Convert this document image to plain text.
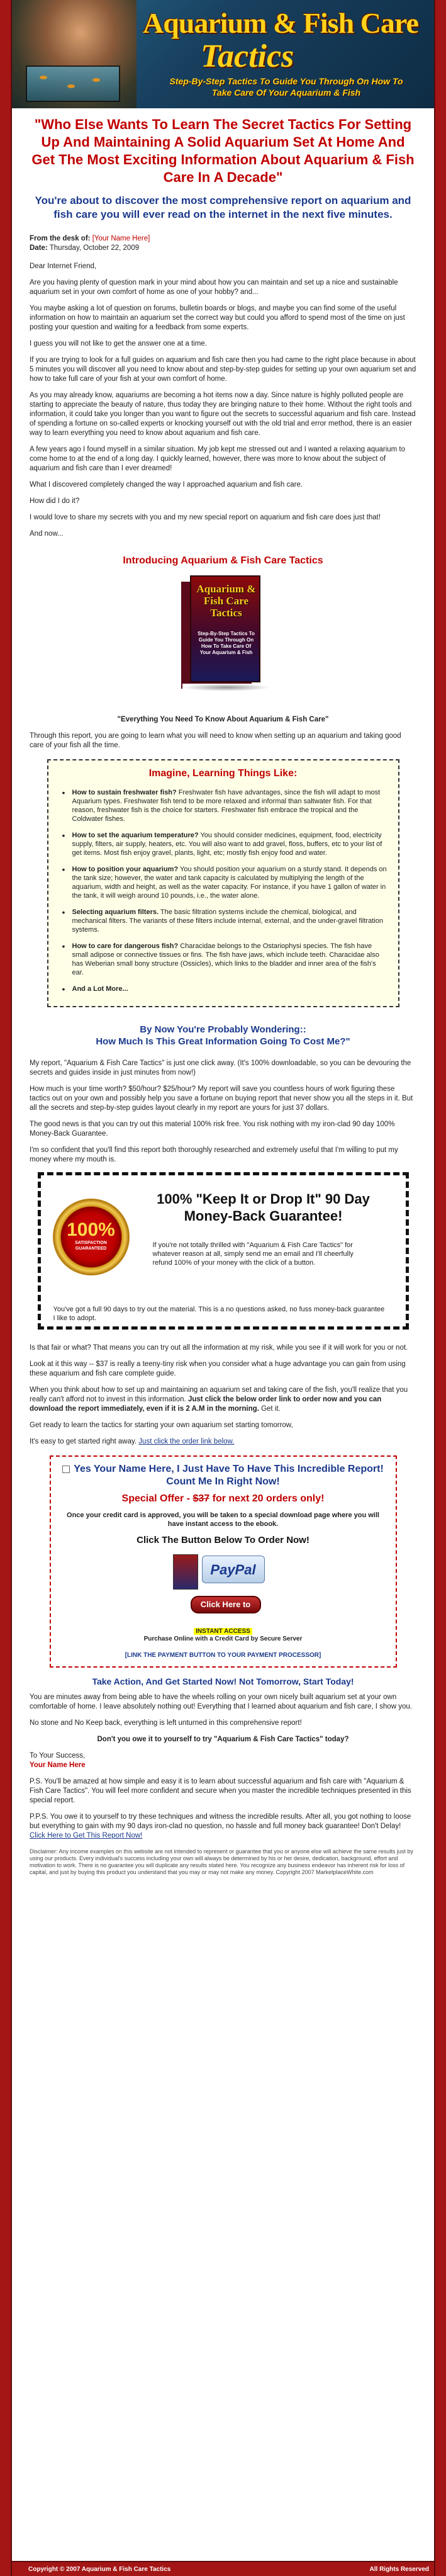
Aquarium & Fish Care
Tactics
Step-By-Step Tactics To Guide You Through On How To
Take Care Of Your Aquarium & Fish
"Who Else Wants To Learn The Secret Tactics For Setting Up And Maintaining A Solid Aquarium Set At Home And Get The Most Exciting Information About Aquarium & Fish Care In A Decade"
You're about to discover the most comprehensive report on aquarium and fish care you will ever read on the internet in the next five minutes.

From the desk of: [Your Name Here]
Date: Thursday, October 22, 2009

Dear Internet Friend,

Are you having plenty of question mark in your mind about how you can maintain and set up a nice and sustainable aquarium set in your own comfort of home as one of your hobby? and...

You maybe asking a lot of question on forums, bulletin boards or blogs, and maybe you can find some of the useful information on how to maintain an aquarium set the correct way but could you afford to spend most of the time on just posting your question and waiting for a feedback from some experts.

I guess you will not like to get the answer one at a time.

If you are trying to look for a full guides on aquarium and fish care then you had came to the right place because in about 5 minutes you will discover all you need to know about and step-by-step guides for setting up your own aquarium set and how to take full care of your fish at your own comfort of home.

As you may already know, aquariums are becoming a hot items now a day. Since nature is highly polluted people are starting to appreciate the beauty of nature, thus today they are bringing nature to their home. Without the right tools and information, it could take you longer than you want to figure out the secrets to successful aquarium and fish care. Instead of spending a fortune on so-called experts or knocking yourself out with the old trial and error method, there is an easier way to learn everything you need to know about aquarium and fish care.

A few years ago I found myself in a similar situation. My job kept me stressed out and I wanted a relaxing aquarium to come home to at the end of a long day. I quickly learned, however, there was more to know about the subject of aquarium and fish care than I ever dreamed!

What I discovered completely changed the way I approached aquarium and fish care.

How did I do it?

I would love to share my secrets with you and my new special report on aquarium and fish care does just that!

And now...

Introducing Aquarium & Fish Care Tactics
Aquarium & Fish Care Tactics
Step-By-Step Tactics To Guide You Through On How To Take Care Of Your Aquarium & Fish

"Everything You Need To Know About Aquarium & Fish Care"

Through this report, you are going to learn what you will need to know when setting up an aquarium and taking good care of your fish all the time.

Imagine, Learning Things Like:
• How to sustain freshwater fish? Freshwater fish have advantages, since the fish will adapt to most Aquarium types. Freshwater fish tend to be more relaxed and informal than saltwater fish. For that reason, freshwater fish is the choice for starters. Freshwater fish embrace the tropical and the Coldwater fishes.
• How to set the aquarium temperature? You should consider medicines, equipment, food, electricity supply, filters, air supply, heaters, etc. You will also want to add gravel, floss, buffers, etc to your list of get items. Most fish enjoy gravel, plants, light, etc; mostly fish enjoy food and water.
• How to position your aquarium? You should position your aquarium on a sturdy stand. It depends on the tank size; however, the water and tank capacity is calculated by multiplying the length of the aquarium, width and height, as well as the water capacity. For instance, if you have 1 gallon of water in the tank, it will weigh around 10 pounds, i.e., the water alone.
• Selecting aquarium filters. The basic filtration systems include the chemical, biological, and mechanical filters. The variants of these filters include internal, external, and the under-gravel filtration systems.
• How to care for dangerous fish? Characidae belongs to the Ostariophysi species. The fish have small adipose or connective tissues or fins. The fish have jaws, which include teeth. Characidae also has Weberian small bony structure (Ossicles), which links to the bladder and inner area of the fish's ear.
• And a Lot More...
By Now You're Probably Wondering::
How Much Is This Great Information Going To Cost Me?"

My report, "Aquarium & Fish Care Tactics" is just one click away. (It's 100% downloadable, so you can be devouring the secrets and guides inside in just minutes from now!)

How much is your time worth? $50/hour? $25/hour? My report will save you countless hours of work figuring these tactics out on your own and possibly help you save a fortune on buying report that never show you all the steps in it. But all the secrets and step-by-step guides layout clearly in my report are yours for just 37 dollars.

The good news is that you can try out this material 100% risk free. You risk nothing with my iron-clad 90 day 100% Money-Back Guarantee.

I'm so confident that you'll find this report both thoroughly researched and extremely useful that I'm willing to put my money where my mouth is.

100%
SATISFACTION
GUARANTEED
100% "Keep It or Drop It" 90 Day Money-Back Guarantee!
If you're not totally thrilled with "Aquarium & Fish Care Tactics" for whatever reason at all, simply send me an email and I'll cheerfully refund 100% of your money with the click of a button.
You've got a full 90 days to try out the material. This is a no questions asked, no fuss money-back guarantee I like to adopt.

Is that fair or what? That means you can try out all the information at my risk, while you see if it will work for you or not.

Look at it this way -- $37 is really a teeny-tiny risk when you consider what a huge advantage you can gain from using these aquarium and fish care complete guide.

When you think about how to set up and maintaining an aquarium set and taking care of the fish, you'll realize that you really can't afford not to invest in this information. Just click the below order link to order now and you can download the report immediately, even if it is 2 A.M in the morning. Get it.

Get ready to learn the tactics for starting your own aquarium set starting tomorrow,

It's easy to get started right away. Just click the order link below.

Yes Your Name Here, I Just Have To Have This Incredible Report! Count Me In Right Now!
Special Offer - $37 for next 20 orders only!
Once your credit card is approved, you will be taken to a special download page where you will have instant access to the ebook.
Click The Button Below To Order Now!
PayPal
Click Here to Order!
INSTANT ACCESS
Purchase Online with a Credit Card by Secure Server
[LINK THE PAYMENT BUTTON TO YOUR PAYMENT PROCESSOR]
Take Action, And Get Started Now! Not Tomorrow, Start Today!

You are minutes away from being able to have the wheels rolling on your own nicely built aquarium set at your own comfortable of home. I leave absolutely nothing out! Everything that I learned about aquarium and fish care, I show you.

No stone and No Keep back, everything is left unturned in this comprehensive report!

Don't you owe it to yourself to try "Aquarium & Fish Care Tactics" today?

To Your Success,
Your Name Here

P.S. You'll be amazed at how simple and easy it is to learn about successful aquarium and fish care with "Aquarium & Fish Care Tactics". You will feel more confident and secure when you master the incredible techniques presented in this special report.

P.P.S. You owe it to yourself to try these techniques and witness the incredible results. After all, you got nothing to loose but everything to gain with my 90 days iron-clad no question, no hassle and full money back guarantee! Don't Delay! Click Here to Get This Report Now!

Disclaimer: Any income examples on this website are not intended to represent or guarantee that you or anyone else will achieve the same results just by using our products. Every individual's success including your own will always be determined by his or her desire, dedication, background, effort and motivation to work. There is no guarantee you will duplicate any results stated here. You recognize any business endeavor has inherent risk for loss of capital, and just by buying this product you understand that you may or may not make any money. Copyright 2007 MarketplaceWhite.com
Copyright © 2007 Aquarium & Fish Care Tactics	All Rights Reserved
